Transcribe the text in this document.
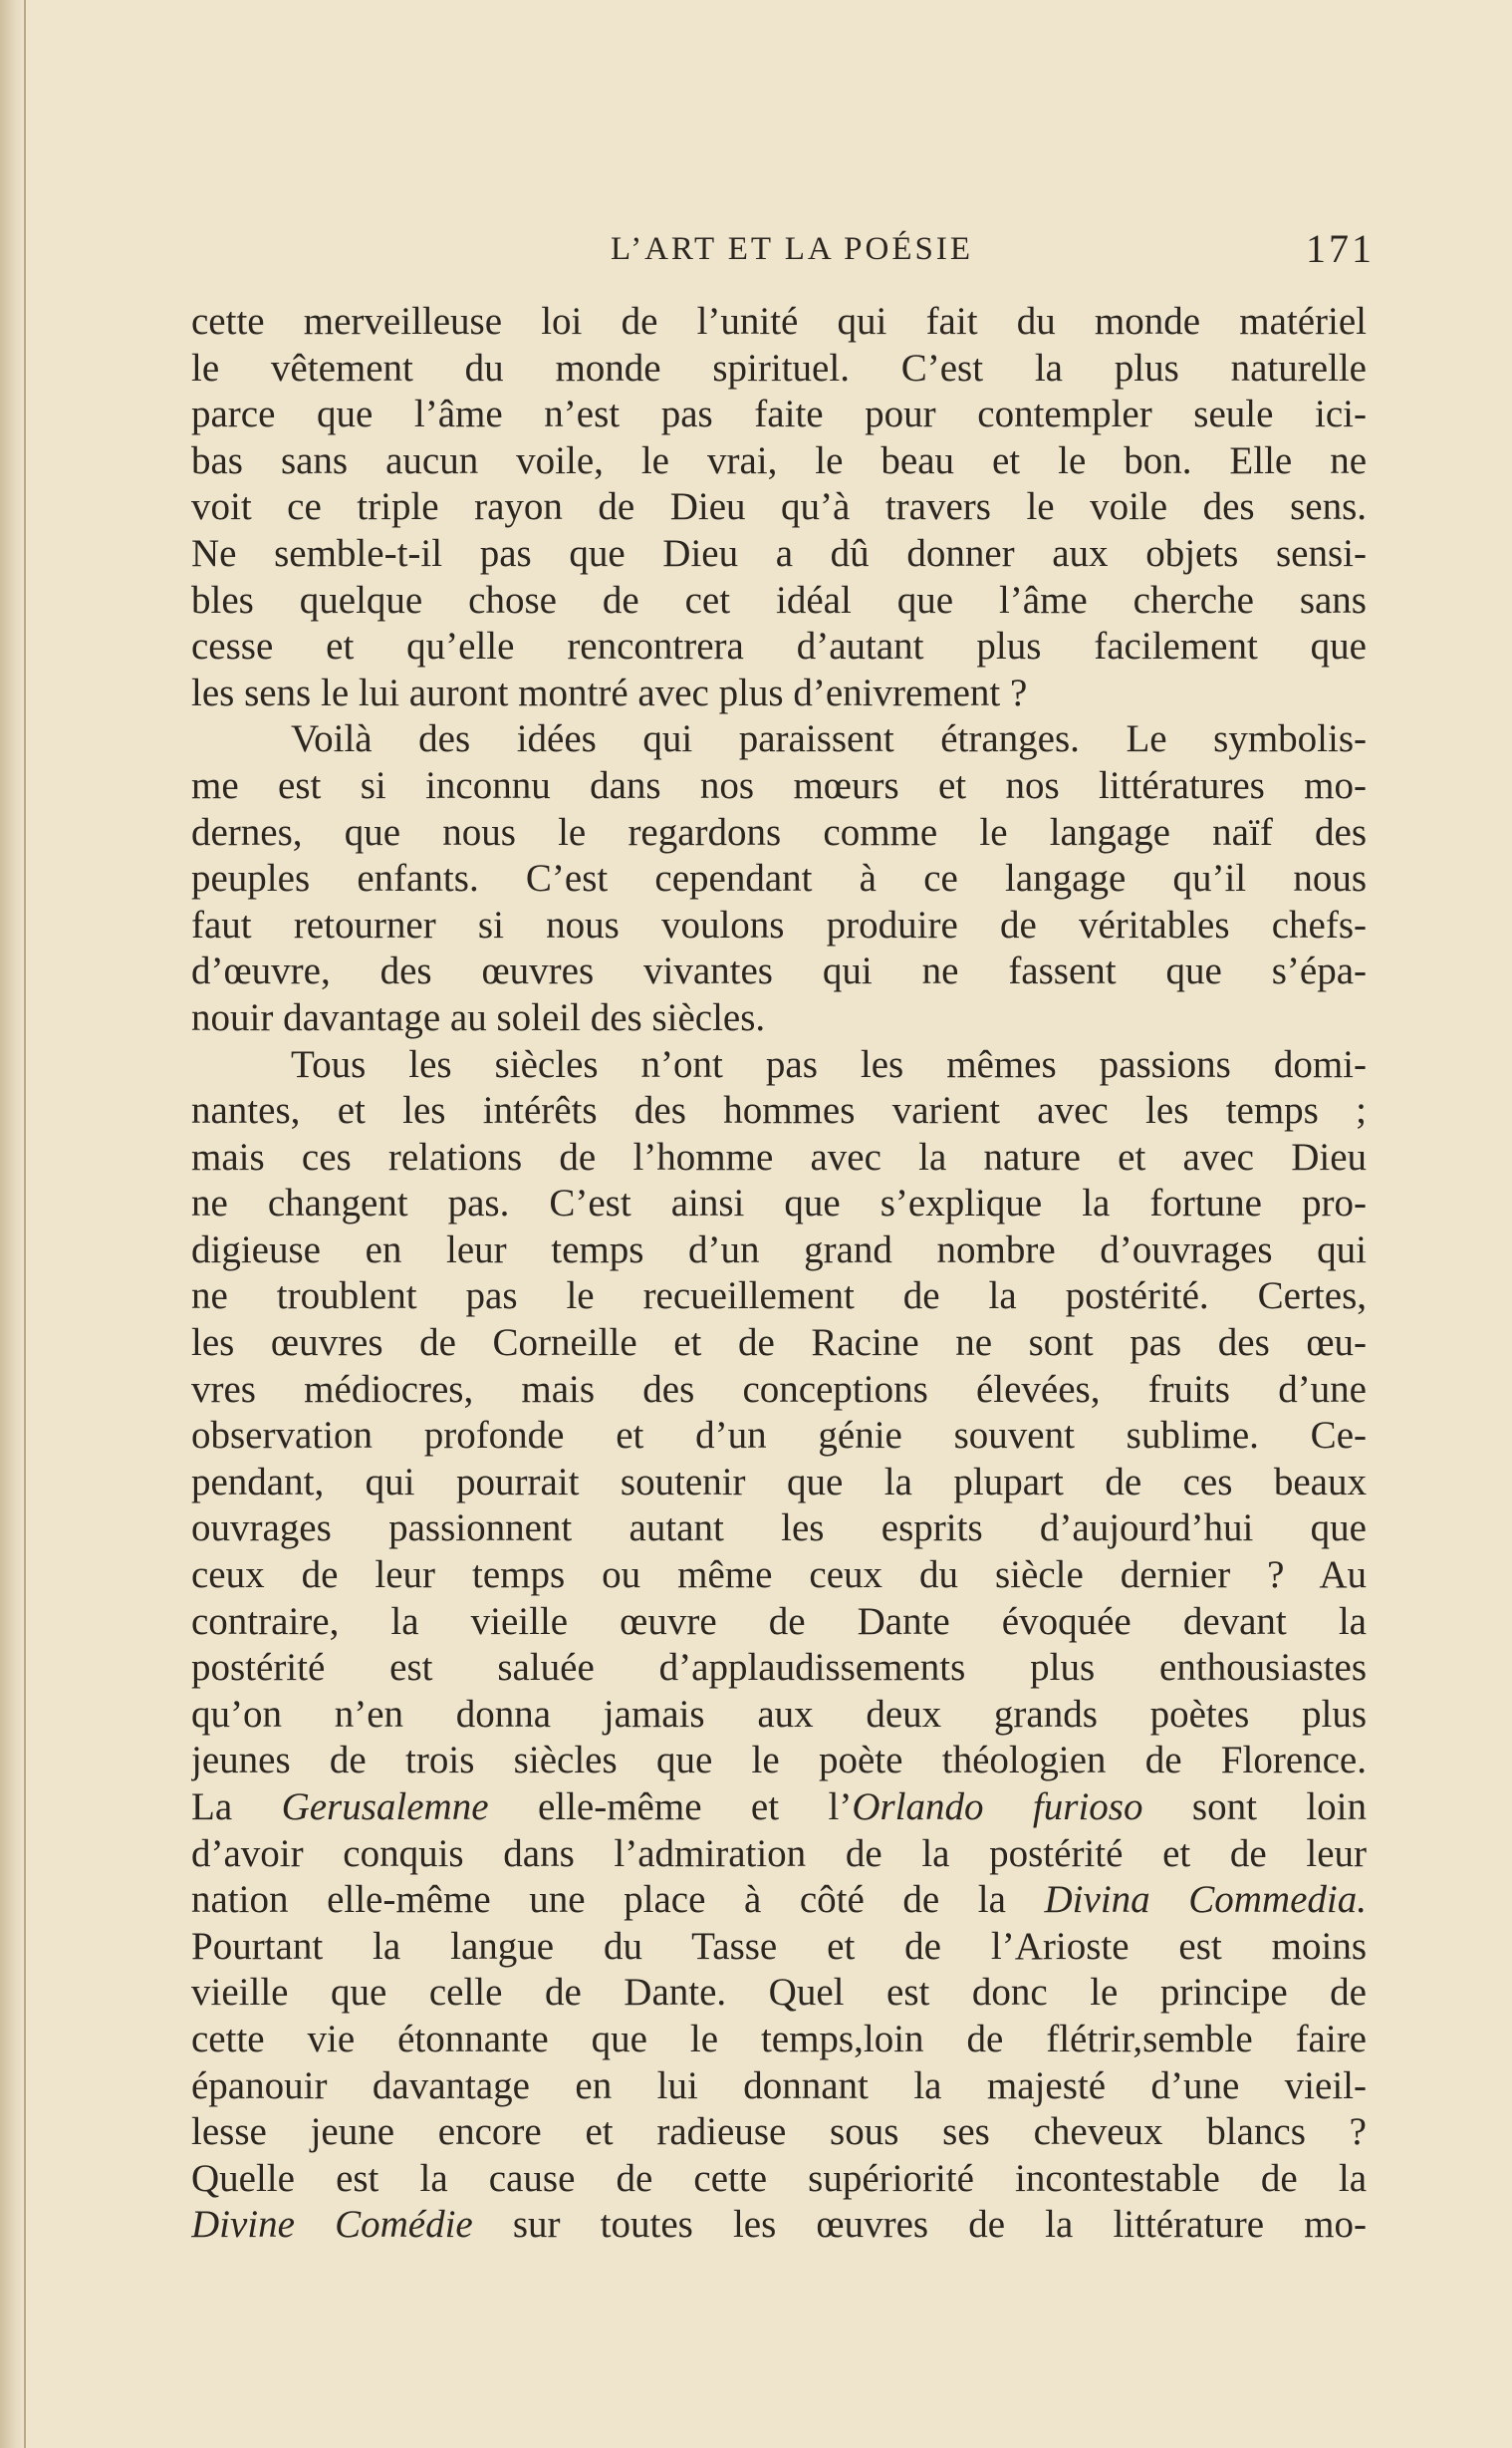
L’ART ET LA POÉSIE	171
cette merveilleuse loi de l’unité qui fait du monde matériel
le vêtement du monde spirituel. C’est la plus naturelle
parce que l’âme n’est pas faite pour contempler seule ici-
bas sans aucun voile, le vrai, le beau et le bon. Elle ne
voit ce triple rayon de Dieu qu’à travers le voile des sens.
Ne semble-t-il pas que Dieu a dû donner aux objets sensi-
bles quelque chose de cet idéal que l’âme cherche sans
cesse et qu’elle rencontrera d’autant plus facilement que
les sens le lui auront montré avec plus d’enivrement ?
Voilà des idées qui paraissent étranges. Le symbolis-
me est si inconnu dans nos mœurs et nos littératures mo-
dernes, que nous le regardons comme le langage naïf des
peuples enfants. C’est cependant à ce langage qu’il nous
faut retourner si nous voulons produire de véritables chefs-
d’œuvre, des œuvres vivantes qui ne fassent que s’épa-
nouir davantage au soleil des siècles.
Tous les siècles n’ont pas les mêmes passions domi-
nantes, et les intérêts des hommes varient avec les temps ;
mais ces relations de l’homme avec la nature et avec Dieu
ne changent pas. C’est ainsi que s’explique la fortune pro-
digieuse en leur temps d’un grand nombre d’ouvrages qui
ne troublent pas le recueillement de la postérité. Certes,
les œuvres de Corneille et de Racine ne sont pas des œu-
vres médiocres, mais des conceptions élevées, fruits d’une
observation profonde et d’un génie souvent sublime. Ce-
pendant, qui pourrait soutenir que la plupart de ces beaux
ouvrages passionnent autant les esprits d’aujourd’hui que
ceux de leur temps ou même ceux du siècle dernier ? Au
contraire, la vieille œuvre de Dante évoquée devant la
postérité est saluée d’applaudissements plus enthousiastes
qu’on n’en donna jamais aux deux grands poètes plus
jeunes de trois siècles que le poète théologien de Florence.
La Gerusalemne elle-même et l’Orlando furioso sont loin
d’avoir conquis dans l’admiration de la postérité et de leur
nation elle-même une place à côté de la Divina Commedia.
Pourtant la langue du Tasse et de l’Arioste est moins
vieille que celle de Dante. Quel est donc le principe de
cette vie étonnante que le temps,loin de flétrir,semble faire
épanouir davantage en lui donnant la majesté d’une vieil-
lesse jeune encore et radieuse sous ses cheveux blancs ?
Quelle est la cause de cette supériorité incontestable de la
Divine Comédie sur toutes les œuvres de la littérature mo-
